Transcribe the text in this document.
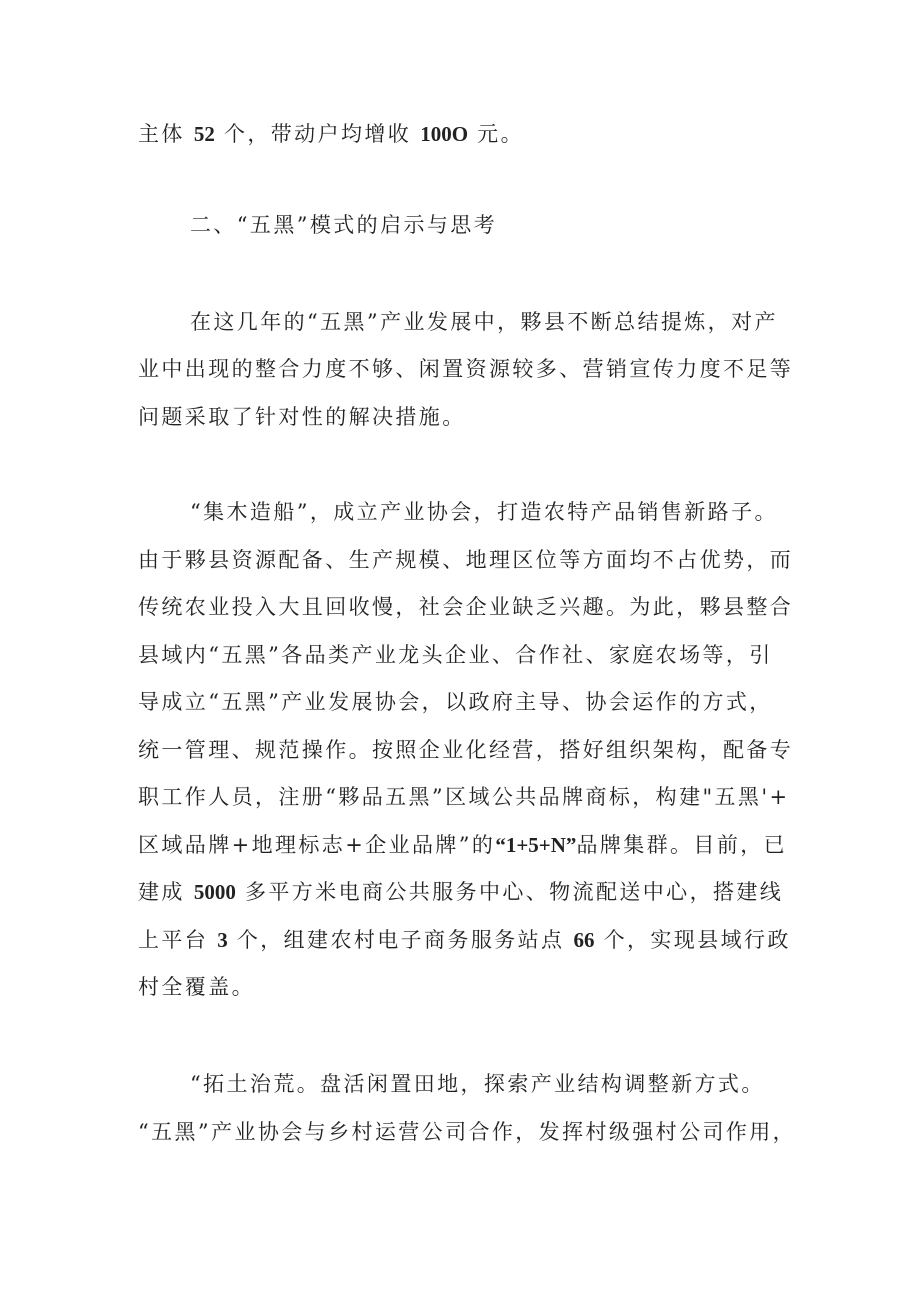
主体 52 个，带动户均增收 100O 元。
二、“五黑”模式的启示与思考
在这几年的“五黑”产业发展中，夥县不断总结提炼，对产
业中出现的整合力度不够、闲置资源较多、营销宣传力度不足等
问题采取了针对性的解决措施。
“集木造船”，成立产业协会，打造农特产品销售新路子。
由于夥县资源配备、生产规模、地理区位等方面均不占优势，而
传统农业投入大且回收慢，社会企业缺乏兴趣。为此，夥县整合
县域内“五黑”各品类产业龙头企业、合作社、家庭农场等，引
导成立“五黑”产业发展协会，以政府主导、协会运作的方式，
统一管理、规范操作。按照企业化经营，搭好组织架构，配备专
职工作人员，注册“夥品五黑”区域公共品牌商标，构建"五黑'+
区域品牌+地理标志+企业品牌”的“1+5+N”品牌集群。目前，已
建成 5000 多平方米电商公共服务中心、物流配送中心，搭建线
上平台 3 个，组建农村电子商务服务站点 66 个，实现县域行政
村全覆盖。
“拓土治荒。盘活闲置田地，探索产业结构调整新方式。
“五黑”产业协会与乡村运营公司合作，发挥村级强村公司作用，
